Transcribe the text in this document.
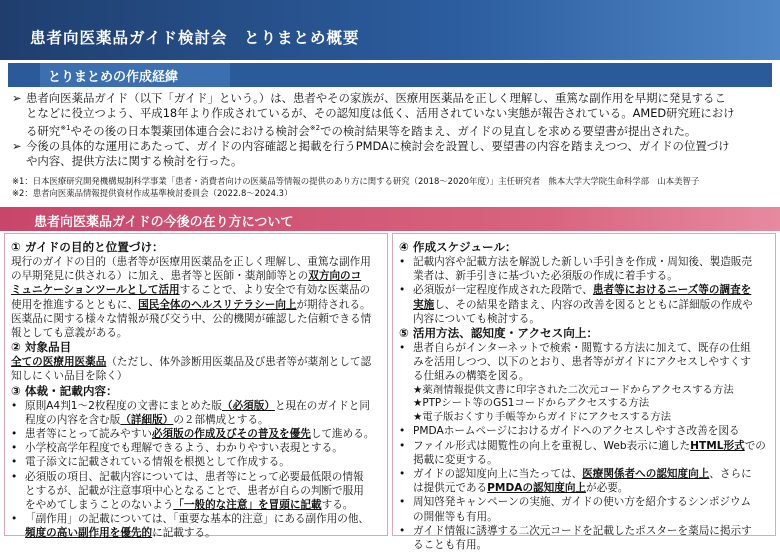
患者向医薬品ガイド検討会　とりまとめ概要
とりまとめの作成経緯
➢ 患者向医薬品ガイド（以下「ガイド」という。）は、患者やその家族が、医療用医薬品を正しく理解し、重篤な副作用を早期に発見するこ
となどに役立つよう、平成18年より作成されているが、その認知度は低く、活用されていない実態が報告されている。AMED研究班におけ
る研究$^{※1}$やその後の日本製薬団体連合会における検討会$^{※2}$での検討結果等を踏まえ、ガイドの見直しを求める要望書が提出された。
➢ 今後の具体的な運用にあたって、ガイドの内容確認と掲載を行うPMDAに検討会を設置し、要望書の内容を踏まえつつ、ガイドの位置づけ
や内容、提供方法に関する検討を行った。
※1：日本医療研究開発機構規制科学事業「患者・消費者向けの医薬品等情報の提供のあり方に関する研究（2018～2020年度）」主任研究者　熊本大学大学院生命科学部　山本美智子
※2：患者向医薬品情報提供資材作成基準検討委員会（2022.8～2024.3）
患者向医薬品ガイドの今後の在り方について
① ガイドの目的と位置づけ：
現行のガイドの目的（患者等が医療用医薬品を正しく理解し、重篤な副作用
の早期発見に供される）に加え、患者等と医師・薬剤師等との双方向のコ
ミュニケーションツールとして活用することで、より安全で有効な医薬品の
使用を推進するとともに、国民全体のヘルスリテラシー向上が期待される。
医薬品に関する様々な情報が飛び交う中、公的機関が確認した信頼できる情
報としても意義がある。
② 対象品目
全ての医療用医薬品（ただし、体外診断用医薬品及び患者等が薬剤として認
知しにくい品目を除く）
③ 体裁・記載内容：
• 原則A4判1～2枚程度の文書にまとめた版（必須版）と現在のガイドと同
程度の内容を含む版（詳細版）の２部構成とする。
• 患者等にとって読みやすい必須版の作成及びその普及を優先して進める。
• 小学校高学年程度でも理解できるよう、わかりやすい表現とする。
• 電子添文に記載されている情報を根拠として作成する。
• 必須版の項目、記載内容については、患者等にとって必要最低限の情報
とするが、記載が注意事項中心となることで、患者が自らの判断で服用
をやめてしまうことのないよう「一般的な注意」を冒頭に記載する。
• 「副作用」の記載については、「重要な基本的注意」にある副作用の他、
頻度の高い副作用を優先的に記載する。
④ 作成スケジュール：
• 記載内容や記載方法を解説した新しい手引きを作成・周知後、製造販売
業者は、新手引きに基づいた必須版の作成に着手する。
• 必須版が一定程度作成された段階で、患者等におけるニーズ等の調査を
実施し、その結果を踏まえ、内容の改善を図るとともに詳細版の作成や
内容についても検討する。
⑤ 活用方法、認知度・アクセス向上：
• 患者自らがインターネットで検索・閲覧する方法に加えて、既存の仕組
みを活用しつつ、以下のとおり、患者等がガイドにアクセスしやすくす
る仕組みの構築を図る。
★薬剤情報提供文書に印字された二次元コードからアクセスする方法
★PTPシート等のGS1コードからアクセスする方法
★電子版おくすり手帳等からガイドにアクセスする方法
• PMDAホームページにおけるガイドへのアクセスしやすさ改善を図る
• ファイル形式は閲覧性の向上を重視し、Web表示に適したHTML形式での
掲載に変更する。
• ガイドの認知度向上に当たっては、医療関係者への認知度向上、さらに
は提供元であるPMDAの認知度向上が必要。
• 周知啓発キャンペーンの実施、ガイドの使い方を紹介するシンポジウム
の開催等も有用。
• ガイド情報に誘導する二次元コードを記載したポスターを薬局に掲示す
ることも有用。
